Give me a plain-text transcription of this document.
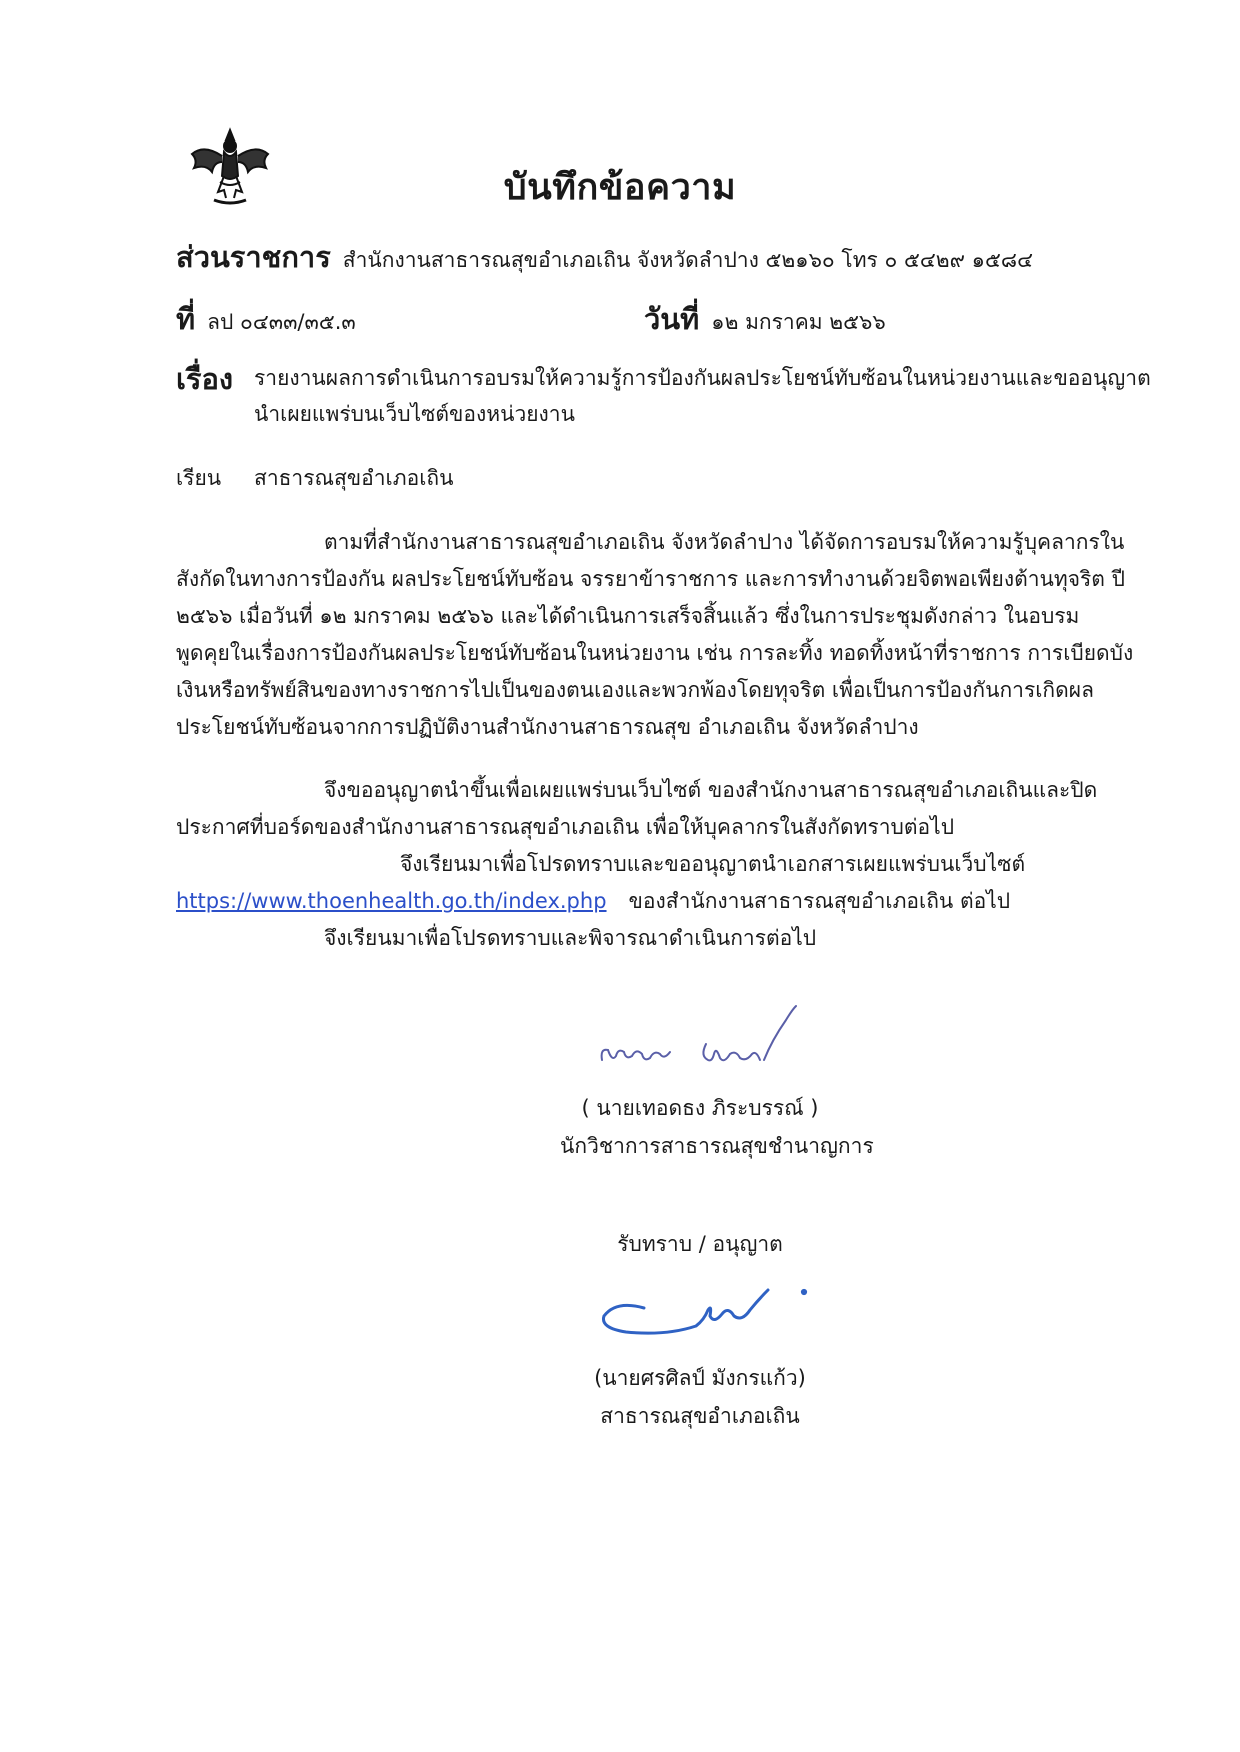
บันทึกข้อความ
ส่วนราชการ สำนักงานสาธารณสุขอำเภอเถิน จังหวัดลำปาง ๕๒๑๖๐ โทร ๐ ๕๔๒๙ ๑๕๘๔
ที่ ลป ๐๔๓๓/๓๕.๓	วันที่ ๑๒ มกราคม ๒๕๖๖
เรื่อง รายงานผลการดำเนินการอบรมให้ความรู้การป้องกันผลประโยชน์ทับซ้อนในหน่วยงานและขออนุญาต
นำเผยแพร่บนเว็บไซต์ของหน่วยงาน
เรียน สาธารณสุขอำเภอเถิน
ตามที่สำนักงานสาธารณสุขอำเภอเถิน จังหวัดลำปาง ได้จัดการอบรมให้ความรู้บุคลากรใน
สังกัดในทางการป้องกัน ผลประโยชน์ทับซ้อน จรรยาข้าราชการ และการทำงานด้วยจิตพอเพียงต้านทุจริต ปี
๒๕๖๖ เมื่อวันที่ ๑๒ มกราคม ๒๕๖๖ และได้ดำเนินการเสร็จสิ้นแล้ว ซึ่งในการประชุมดังกล่าว ในอบรม
พูดคุยในเรื่องการป้องกันผลประโยชน์ทับซ้อนในหน่วยงาน เช่น การละทิ้ง ทอดทิ้งหน้าที่ราชการ การเบียดบัง
เงินหรือทรัพย์สินของทางราชการไปเป็นของตนเองและพวกพ้องโดยทุจริต เพื่อเป็นการป้องกันการเกิดผล
ประโยชน์ทับซ้อนจากการปฏิบัติงานสำนักงานสาธารณสุข อำเภอเถิน จังหวัดลำปาง
จึงขออนุญาตนำขึ้นเพื่อเผยแพร่บนเว็บไซต์ ของสำนักงานสาธารณสุขอำเภอเถินและปิด
ประกาศที่บอร์ดของสำนักงานสาธารณสุขอำเภอเถิน เพื่อให้บุคลากรในสังกัดทราบต่อไป
จึงเรียนมาเพื่อโปรดทราบและขออนุญาตนำเอกสารเผยแพร่บนเว็บไซต์
https://www.thoenhealth.go.th/index.php ของสำนักงานสาธารณสุขอำเภอเถิน ต่อไป
จึงเรียนมาเพื่อโปรดทราบและพิจารณาดำเนินการต่อไป
( นายเทอดธง ภิระบรรณ์ )
นักวิชาการสาธารณสุขชำนาญการ
รับทราบ / อนุญาต
(นายศรศิลป์ มังกรแก้ว)
สาธารณสุขอำเภอเถิน
